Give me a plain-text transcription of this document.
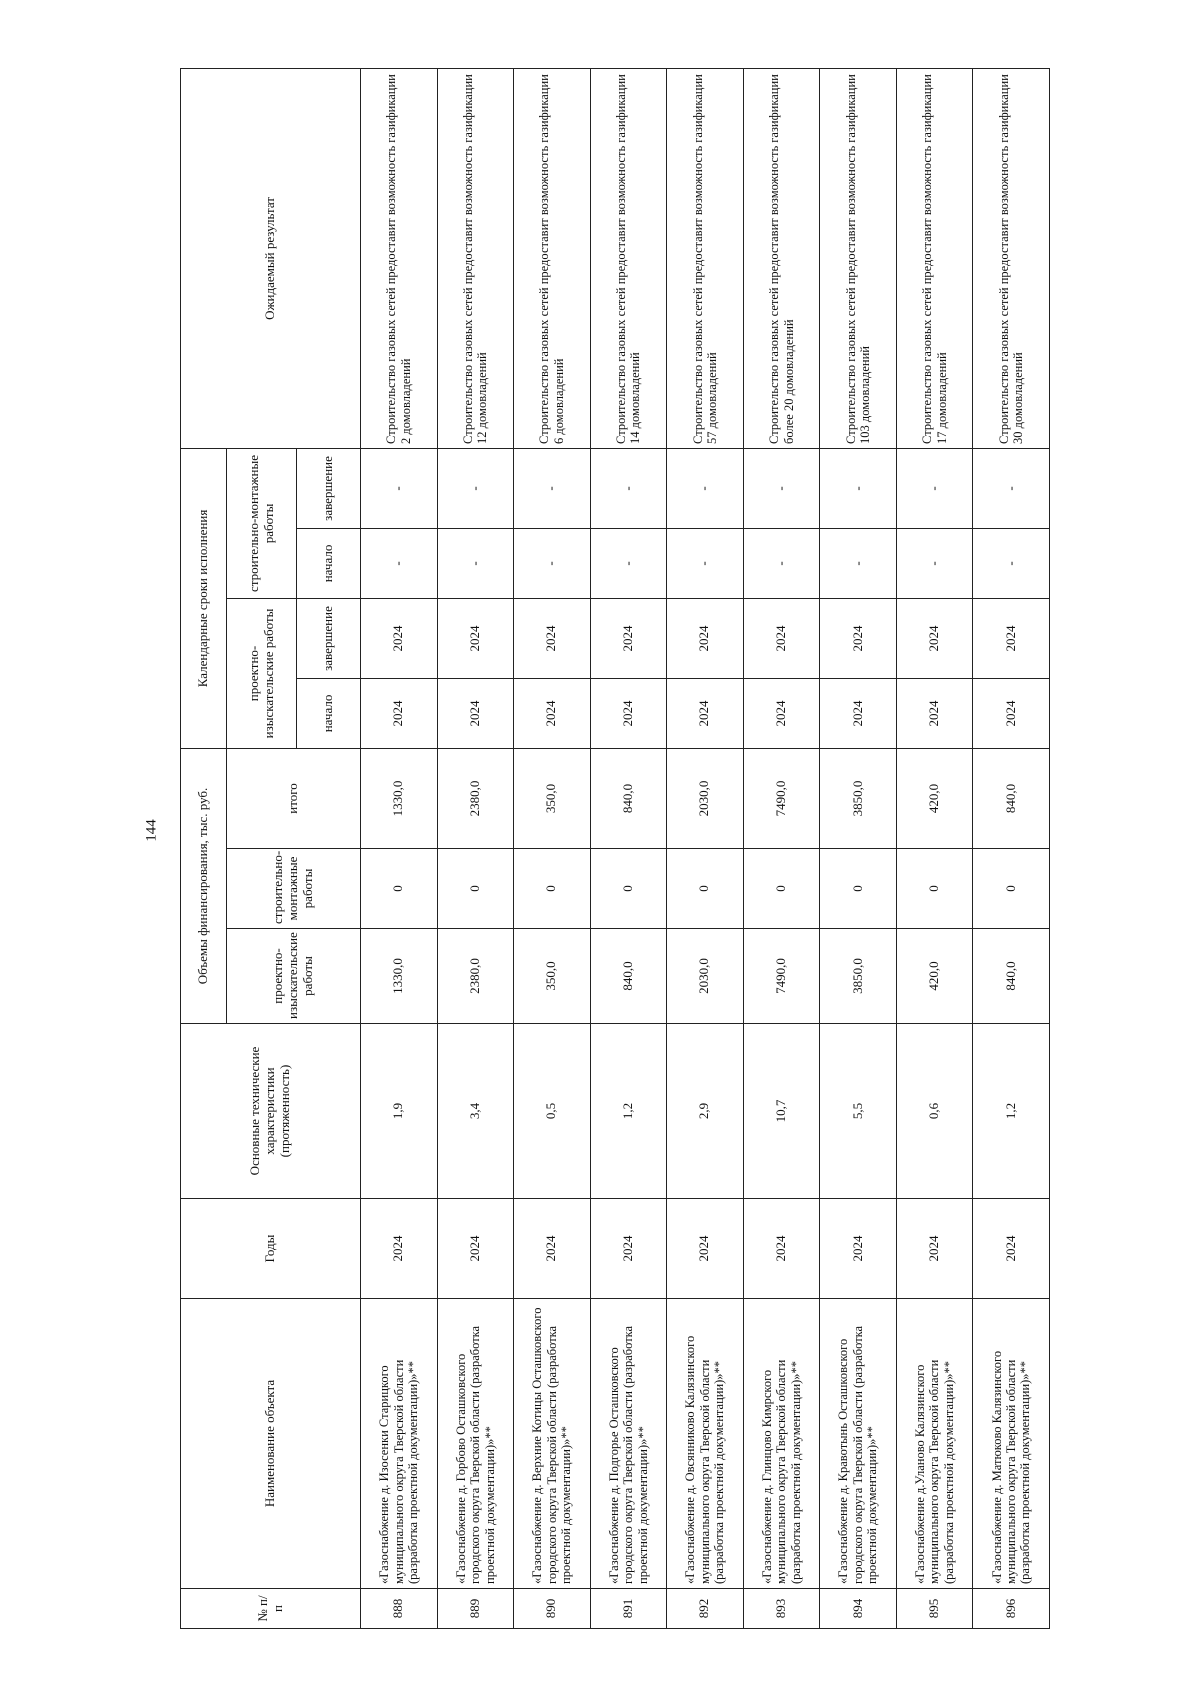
144
№ п/п	Наименование объекта	Годы	Основные технические характеристики (протяженность)	Объемы финансирования, тыс. руб.			Календарные сроки исполнения				Ожидаемый результат
				проектно-изыскательские работы	строительно-монтажные работы	итого	проектно-изыскательские работы		строительно-монтажные работы		
							начало	завершение	начало	завершение	
888	«Газоснабжение д. Изосенки Старицкого муниципального округа Тверской области (разработка проектной документации)»**	2024	1,9	1330,0	0	1330,0	2024	2024	-	-	Строительство газовых сетей предоставит возможность газификации 2 домовладений
889	«Газоснабжение д. Горбово Осташковского городского округа Тверской области (разработка проектной документации)»**	2024	3,4	2380,0	0	2380,0	2024	2024	-	-	Строительство газовых сетей предоставит возможность газификации 12 домовладений
890	«Газоснабжение д. Верхние Котицы Осташковского городского округа Тверской области (разработка проектной документации)»**	2024	0,5	350,0	0	350,0	2024	2024	-	-	Строительство газовых сетей предоставит возможность газификации 6 домовладений
891	«Газоснабжение д. Подгорье Осташковского городского округа Тверской области (разработка проектной документации)»**	2024	1,2	840,0	0	840,0	2024	2024	-	-	Строительство газовых сетей предоставит возможность газификации 14 домовладений
892	«Газоснабжение д. Овсянниково Калязинского муниципального округа Тверской области (разработка проектной документации)»**	2024	2,9	2030,0	0	2030,0	2024	2024	-	-	Строительство газовых сетей предоставит возможность газификации 57 домовладений
893	«Газоснабжение д. Глинцово Кимрского муниципального округа Тверской области (разработка проектной документации)»**	2024	10,7	7490,0	0	7490,0	2024	2024	-	-	Строительство газовых сетей предоставит возможность газификации более 20 домовладений
894	«Газоснабжение д. Кравотынь Осташковского городского округа Тверской области (разработка проектной документации)»**	2024	5,5	3850,0	0	3850,0	2024	2024	-	-	Строительство газовых сетей предоставит возможность газификации 103 домовладений
895	«Газоснабжение д.Уланово Калязинского муниципального округа Тверской области (разработка проектной документации)»**	2024	0,6	420,0	0	420,0	2024	2024	-	-	Строительство газовых сетей предоставит возможность газификации 17 домовладений
896	«Газоснабжение д. Матюково Калязинского муниципального округа Тверской области (разработка проектной документации)»**	2024	1,2	840,0	0	840,0	2024	2024	-	-	Строительство газовых сетей предоставит возможность газификации 30 домовладений
